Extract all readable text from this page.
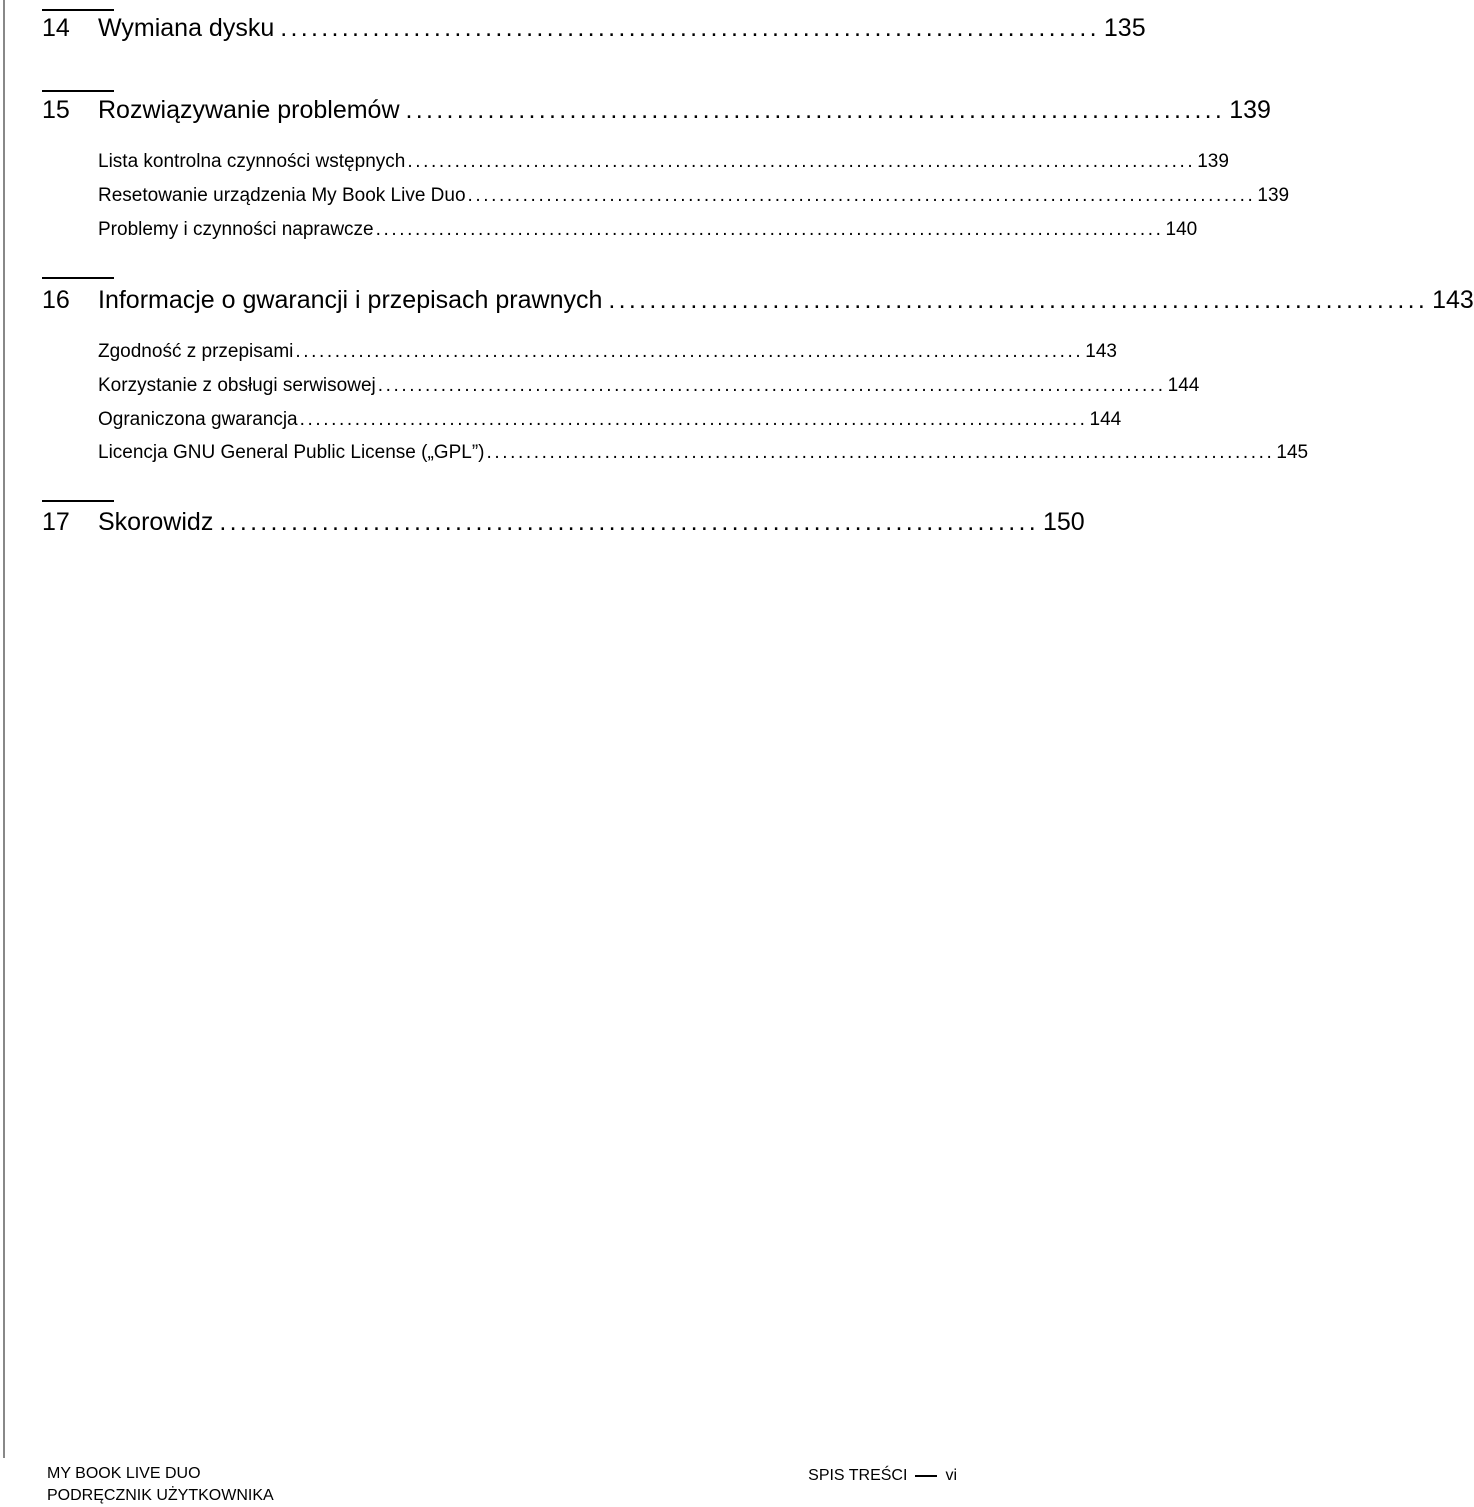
14	Wymiana dysku ................................................................................ 135
15	Rozwiązywanie problemów ................................................................................ 139
Lista kontrolna czynności wstępnych .................................................................................................... 139
Resetowanie urządzenia My Book Live Duo .................................................................................................... 139
Problemy i czynności naprawcze .................................................................................................... 140
16	Informacje o gwarancji i przepisach prawnych ................................................................................ 143
Zgodność z przepisami .................................................................................................... 143
Korzystanie z obsługi serwisowej .................................................................................................... 144
Ograniczona gwarancja .................................................................................................... 144
Licencja GNU General Public License („GPL”) .................................................................................................... 145
17	Skorowidz ................................................................................ 150
MY BOOK LIVE DUO
PODRĘCZNIK UŻYTKOWNIKA
SPIS TREŚCI vi
